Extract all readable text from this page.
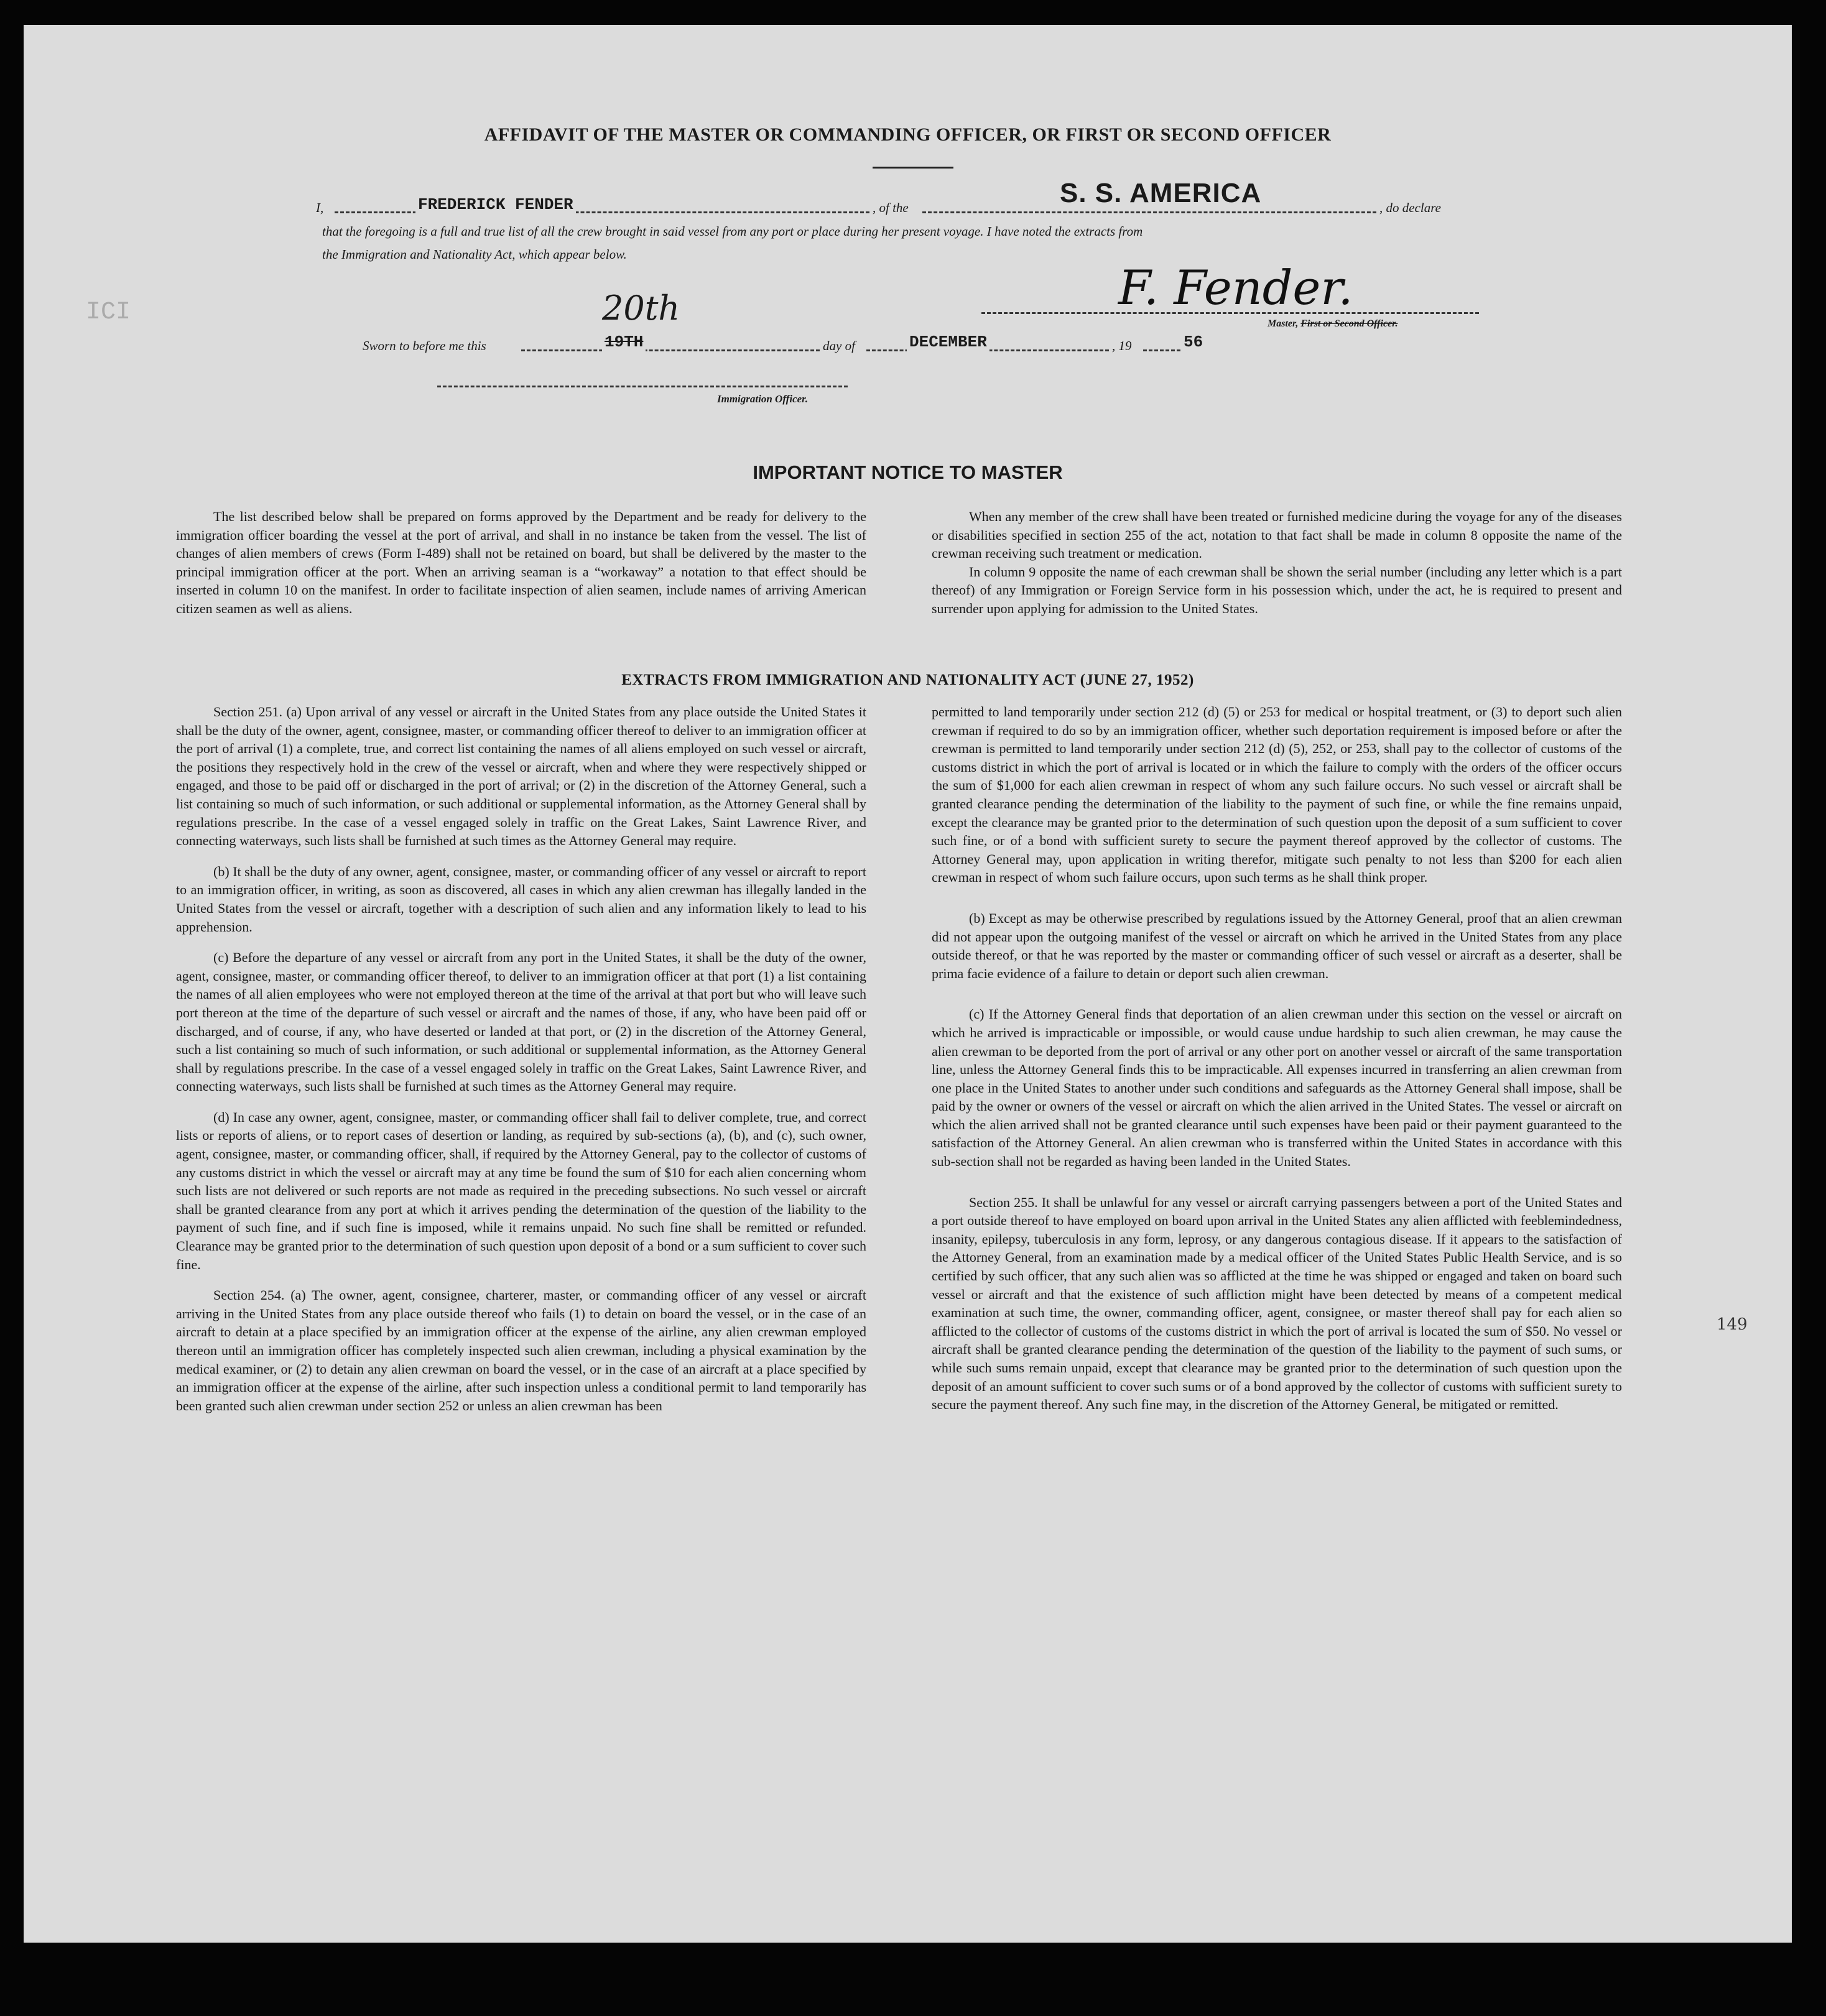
AFFIDAVIT OF THE MASTER OR COMMANDING OFFICER, OR FIRST OR SECOND OFFICER
I,	FREDERICK FENDER	, of the	S. S. AMERICA	, do declare
that the foregoing is a full and true list of all the crew brought in said vessel from any port or place during her present voyage. I have noted the extracts from
the Immigration and Nationality Act, which appear below.
F. Fender.
Master, First or Second Officer.
Sworn to before me this
20th
19TH	day of	DECEMBER	, 19	56
Immigration Officer.
IMPORTANT NOTICE TO MASTER

The list described below shall be prepared on forms approved by the Department and be ready for delivery to the immigration officer boarding the vessel at the port of arrival, and shall in no instance be taken from the vessel. The list of changes of alien members of crews (Form I-489) shall not be retained on board, but shall be delivered by the master to the principal immigration officer at the port. When an arriving seaman is a “workaway” a notation to that effect should be inserted in column 10 on the manifest. In order to facilitate inspection of alien seamen, include names of arriving American citizen seamen as well as aliens.

When any member of the crew shall have been treated or furnished medicine during the voyage for any of the diseases or disabilities specified in section 255 of the act, notation to that fact shall be made in column 8 opposite the name of the crewman receiving such treatment or medication.

In column 9 opposite the name of each crewman shall be shown the serial number (including any letter which is a part thereof) of any Immigration or Foreign Service form in his possession which, under the act, he is required to present and surrender upon applying for admission to the United States.

EXTRACTS FROM IMMIGRATION AND NATIONALITY ACT (JUNE 27, 1952)

Section 251. (a) Upon arrival of any vessel or aircraft in the United States from any place outside the United States it shall be the duty of the owner, agent, consignee, master, or commanding officer thereof to deliver to an immigration officer at the port of arrival (1) a complete, true, and correct list containing the names of all aliens employed on such vessel or aircraft, the positions they respectively hold in the crew of the vessel or aircraft, when and where they were respectively shipped or engaged, and those to be paid off or discharged in the port of arrival; or (2) in the discretion of the Attorney General, such a list containing so much of such information, or such additional or supplemental information, as the Attorney General shall by regulations prescribe. In the case of a vessel engaged solely in traffic on the Great Lakes, Saint Lawrence River, and connecting waterways, such lists shall be furnished at such times as the Attorney General may require.

(b) It shall be the duty of any owner, agent, consignee, master, or commanding officer of any vessel or aircraft to report to an immigration officer, in writing, as soon as discovered, all cases in which any alien crewman has illegally landed in the United States from the vessel or aircraft, together with a description of such alien and any information likely to lead to his apprehension.

(c) Before the departure of any vessel or aircraft from any port in the United States, it shall be the duty of the owner, agent, consignee, master, or commanding officer thereof, to deliver to an immigration officer at that port (1) a list containing the names of all alien employees who were not employed thereon at the time of the arrival at that port but who will leave such port thereon at the time of the departure of such vessel or aircraft and the names of those, if any, who have been paid off or discharged, and of course, if any, who have deserted or landed at that port, or (2) in the discretion of the Attorney General, such a list containing so much of such information, or such additional or supplemental information, as the Attorney General shall by regulations prescribe. In the case of a vessel engaged solely in traffic on the Great Lakes, Saint Lawrence River, and connecting waterways, such lists shall be furnished at such times as the Attorney General may require.

(d) In case any owner, agent, consignee, master, or commanding officer shall fail to deliver complete, true, and correct lists or reports of aliens, or to report cases of desertion or landing, as required by sub-sections (a), (b), and (c), such owner, agent, consignee, master, or commanding officer, shall, if required by the Attorney General, pay to the collector of customs of any customs district in which the vessel or aircraft may at any time be found the sum of $10 for each alien concerning whom such lists are not delivered or such reports are not made as required in the preceding subsections. No such vessel or aircraft shall be granted clearance from any port at which it arrives pending the determination of the question of the liability to the payment of such fine, and if such fine is imposed, while it remains unpaid. No such fine shall be remitted or refunded. Clearance may be granted prior to the determination of such question upon deposit of a bond or a sum sufficient to cover such fine.

Section 254. (a) The owner, agent, consignee, charterer, master, or commanding officer of any vessel or aircraft arriving in the United States from any place outside thereof who fails (1) to detain on board the vessel, or in the case of an aircraft to detain at a place specified by an immigration officer at the expense of the airline, any alien crewman employed thereon until an immigration officer has completely inspected such alien crewman, including a physical examination by the medical examiner, or (2) to detain any alien crewman on board the vessel, or in the case of an aircraft at a place specified by an immigration officer at the expense of the airline, after such inspection unless a conditional permit to land temporarily has been granted such alien crewman under section 252 or unless an alien crewman has been

permitted to land temporarily under section 212 (d) (5) or 253 for medical or hospital treatment, or (3) to deport such alien crewman if required to do so by an immigration officer, whether such deportation requirement is imposed before or after the crewman is permitted to land temporarily under section 212 (d) (5), 252, or 253, shall pay to the collector of customs of the customs district in which the port of arrival is located or in which the failure to comply with the orders of the officer occurs the sum of $1,000 for each alien crewman in respect of whom any such failure occurs. No such vessel or aircraft shall be granted clearance pending the determination of the liability to the payment of such fine, or while the fine remains unpaid, except the clearance may be granted prior to the determination of such question upon the deposit of a sum sufficient to cover such fine, or of a bond with sufficient surety to secure the payment thereof approved by the collector of customs. The Attorney General may, upon application in writing therefor, mitigate such penalty to not less than $200 for each alien crewman in respect of whom such failure occurs, upon such terms as he shall think proper.

(b) Except as may be otherwise prescribed by regulations issued by the Attorney General, proof that an alien crewman did not appear upon the outgoing manifest of the vessel or aircraft on which he arrived in the United States from any place outside thereof, or that he was reported by the master or commanding officer of such vessel or aircraft as a deserter, shall be prima facie evidence of a failure to detain or deport such alien crewman.

(c) If the Attorney General finds that deportation of an alien crewman under this section on the vessel or aircraft on which he arrived is impracticable or impossible, or would cause undue hardship to such alien crewman, he may cause the alien crewman to be deported from the port of arrival or any other port on another vessel or aircraft of the same transportation line, unless the Attorney General finds this to be impracticable. All expenses incurred in transferring an alien crewman from one place in the United States to another under such conditions and safeguards as the Attorney General shall impose, shall be paid by the owner or owners of the vessel or aircraft on which the alien arrived in the United States. The vessel or aircraft on which the alien arrived shall not be granted clearance until such expenses have been paid or their payment guaranteed to the satisfaction of the Attorney General. An alien crewman who is transferred within the United States in accordance with this sub-section shall not be regarded as having been landed in the United States.

Section 255. It shall be unlawful for any vessel or aircraft carrying passengers between a port of the United States and a port outside thereof to have employed on board upon arrival in the United States any alien afflicted with feeblemindedness, insanity, epilepsy, tuberculosis in any form, leprosy, or any dangerous contagious disease. If it appears to the satisfaction of the Attorney General, from an examination made by a medical officer of the United States Public Health Service, and is so certified by such officer, that any such alien was so afflicted at the time he was shipped or engaged and taken on board such vessel or aircraft and that the existence of such affliction might have been detected by means of a competent medical examination at such time, the owner, commanding officer, agent, consignee, or master thereof shall pay for each alien so afflicted to the collector of customs of the customs district in which the port of arrival is located the sum of $50. No vessel or aircraft shall be granted clearance pending the determination of the question of the liability to the payment of such sums, or while such sums remain unpaid, except that clearance may be granted prior to the determination of such question upon the deposit of an amount sufficient to cover such sums or of a bond approved by the collector of customs with sufficient surety to secure the payment thereof. Any such fine may, in the discretion of the Attorney General, be mitigated or remitted.

ICI
149
